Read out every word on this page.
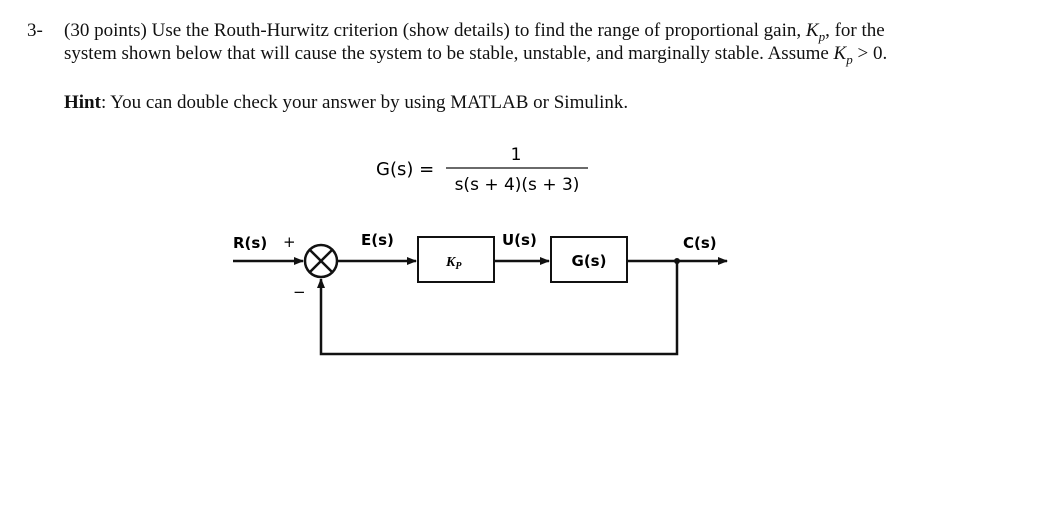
3- (30 points) Use the Routh-Hurwitz criterion (show details) to find the range of proportional gain, $K_p$, for the
system shown below that will cause the system to be stable, unstable, and marginally stable. Assume $K_p > 0$.
Hint: You can double check your answer by using MATLAB or Simulink.
G(s) =
1
s(s + 4)(s + 3)
R(s) +
−
E(s)
$K_P$
U(s)
G(s)
C(s)
